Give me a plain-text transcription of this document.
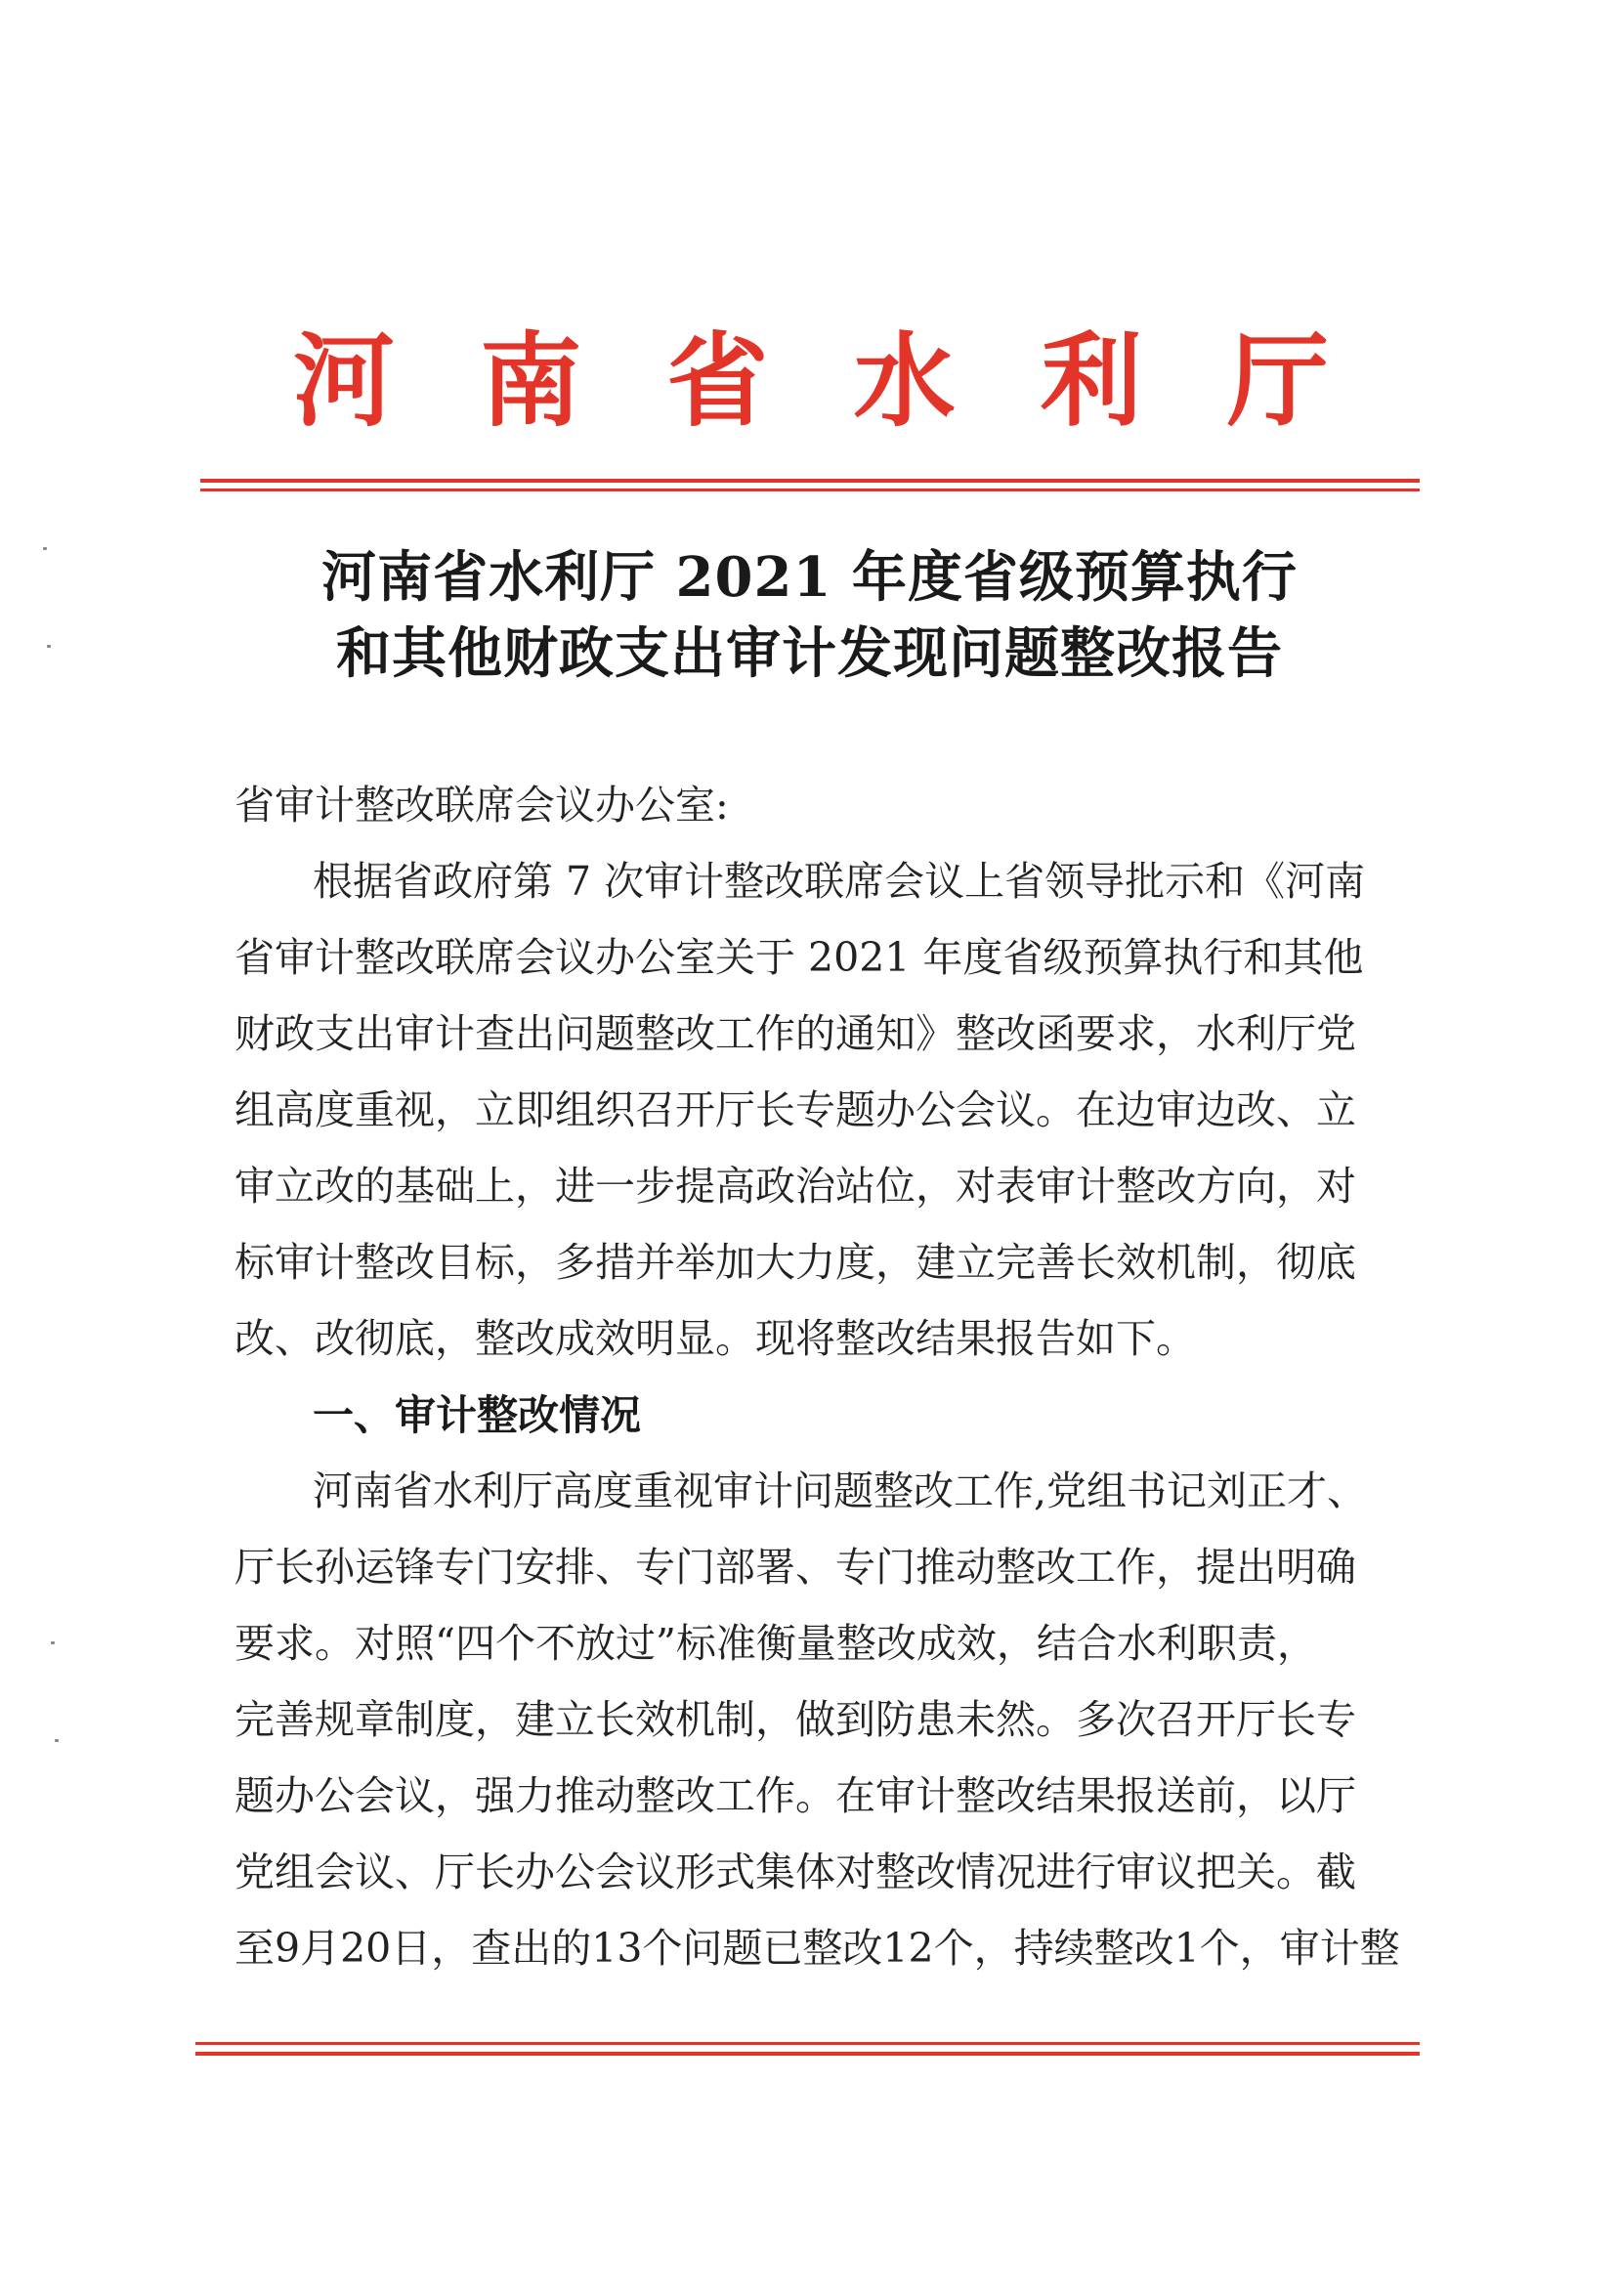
河 南 省 水 利 厅
河南省水利厅 2021 年度省级预算执行
和其他财政支出审计发现问题整改报告
省审计整改联席会议办公室:
根据省政府第 7 次审计整改联席会议上省领导批示和《河南
省审计整改联席会议办公室关于 2021 年度省级预算执行和其他
财政支出审计查出问题整改工作的通知》整改函要求，水利厅党
组高度重视，立即组织召开厅长专题办公会议。在边审边改、立
审立改的基础上，进一步提高政治站位，对表审计整改方向，对
标审计整改目标，多措并举加大力度，建立完善长效机制，彻底
改、改彻底，整改成效明显。现将整改结果报告如下。
一、审计整改情况
河南省水利厅高度重视审计问题整改工作,党组书记刘正才、
厅长孙运锋专门安排、专门部署、专门推动整改工作，提出明确
要求。对照“四个不放过”标准衡量整改成效，结合水利职责，
完善规章制度，建立长效机制，做到防患未然。多次召开厅长专
题办公会议，强力推动整改工作。在审计整改结果报送前，以厅
党组会议、厅长办公会议形式集体对整改情况进行审议把关。截
至9月20日，查出的13个问题已整改12个，持续整改1个，审计整
